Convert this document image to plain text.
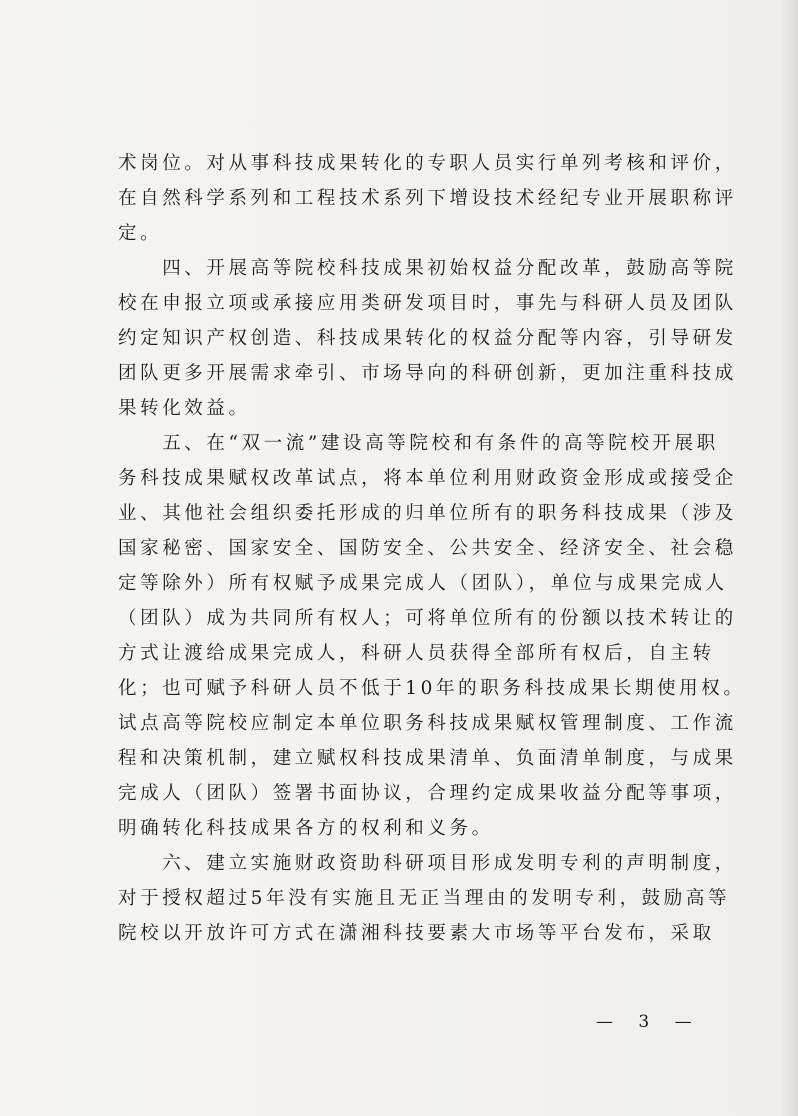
术岗位。对从事科技成果转化的专职人员实行单列考核和评价，
在自然科学系列和工程技术系列下增设技术经纪专业开展职称评
定。
　　四、开展高等院校科技成果初始权益分配改革，鼓励高等院
校在申报立项或承接应用类研发项目时，事先与科研人员及团队
约定知识产权创造、科技成果转化的权益分配等内容，引导研发
团队更多开展需求牵引、市场导向的科研创新，更加注重科技成
果转化效益。
　　五、在“双一流”建设高等院校和有条件的高等院校开展职
务科技成果赋权改革试点，将本单位利用财政资金形成或接受企
业、其他社会组织委托形成的归单位所有的职务科技成果（涉及
国家秘密、国家安全、国防安全、公共安全、经济安全、社会稳
定等除外）所有权赋予成果完成人（团队），单位与成果完成人
（团队）成为共同所有权人；可将单位所有的份额以技术转让的
方式让渡给成果完成人，科研人员获得全部所有权后，自主转
化；也可赋予科研人员不低于10年的职务科技成果长期使用权。
试点高等院校应制定本单位职务科技成果赋权管理制度、工作流
程和决策机制，建立赋权科技成果清单、负面清单制度，与成果
完成人（团队）签署书面协议，合理约定成果收益分配等事项，
明确转化科技成果各方的权利和义务。
　　六、建立实施财政资助科研项目形成发明专利的声明制度，
对于授权超过5年没有实施且无正当理由的发明专利，鼓励高等
院校以开放许可方式在潇湘科技要素大市场等平台发布，采取
— 3 —
